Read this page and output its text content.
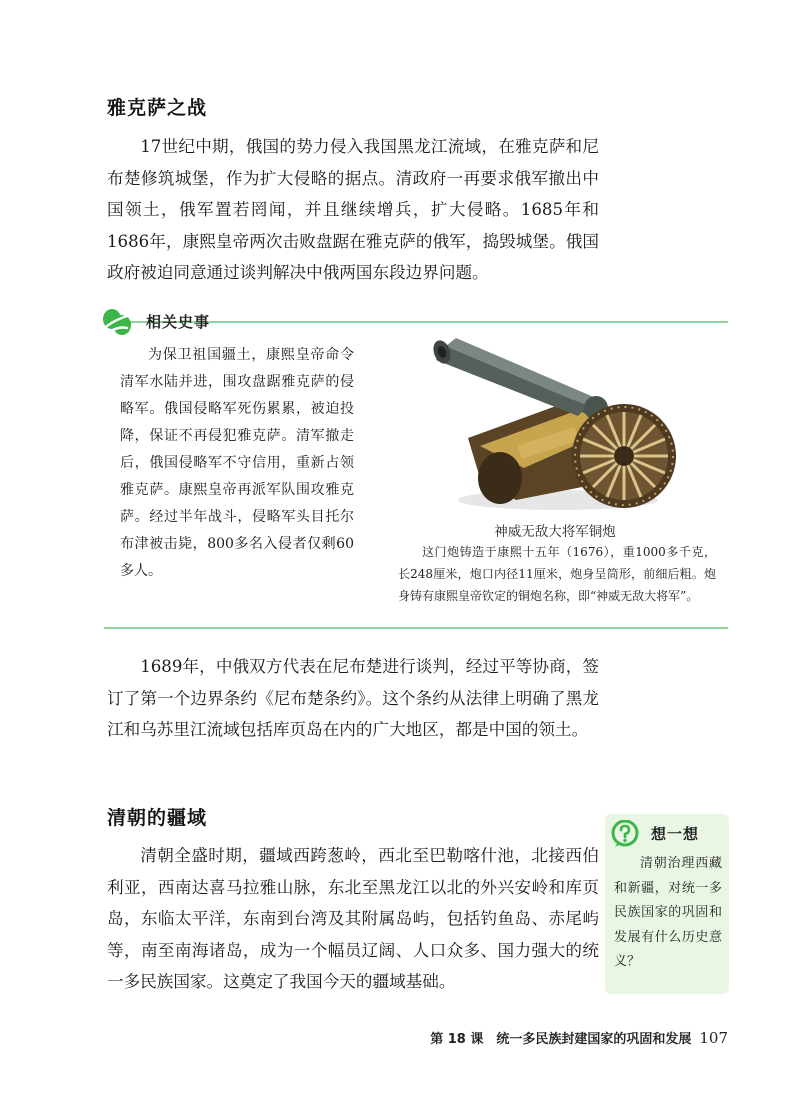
雅克萨之战

17世纪中期，俄国的势力侵入我国黑龙江流域，在雅克萨和尼布楚修筑城堡，作为扩大侵略的据点。清政府一再要求俄军撤出中国领土，俄军置若罔闻，并且继续增兵，扩大侵略。1685年和1686年，康熙皇帝两次击败盘踞在雅克萨的俄军，捣毁城堡。俄国政府被迫同意通过谈判解决中俄两国东段边界问题。

相关史事

为保卫祖国疆土，康熙皇帝命令清军水陆并进，围攻盘踞雅克萨的侵略军。俄国侵略军死伤累累，被迫投降，保证不再侵犯雅克萨。清军撤走后，俄国侵略军不守信用，重新占领雅克萨。康熙皇帝再派军队围攻雅克萨。经过半年战斗，侵略军头目托尔布津被击毙，800多名入侵者仅剩60多人。

神威无敌大将军铜炮

这门炮铸造于康熙十五年（1676），重1000多千克，长248厘米，炮口内径11厘米，炮身呈筒形，前细后粗。炮身铸有康熙皇帝钦定的铜炮名称，即“神威无敌大将军”。

1689年，中俄双方代表在尼布楚进行谈判，经过平等协商，签订了第一个边界条约《尼布楚条约》。这个条约从法律上明确了黑龙江和乌苏里江流域包括库页岛在内的广大地区，都是中国的领土。

清朝的疆域

清朝全盛时期，疆域西跨葱岭，西北至巴勒喀什池，北接西伯利亚，西南达喜马拉雅山脉，东北至黑龙江以北的外兴安岭和库页岛，东临太平洋，东南到台湾及其附属岛屿，包括钓鱼岛、赤尾屿等，南至南海诸岛，成为一个幅员辽阔、人口众多、国力强大的统一多民族国家。这奠定了我国今天的疆域基础。

想一想

清朝治理西藏和新疆，对统一多民族国家的巩固和发展有什么历史意义？

第 18 课　统一多民族封建国家的巩固和发展 107
